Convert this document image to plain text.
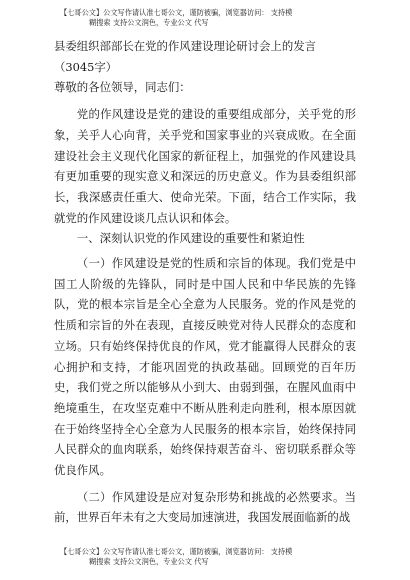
【七哥公文】公文写作请认准七哥公文，谨防被骗，浏览器访问： 支持模
糊搜索 支持公文润色，专业公文 代写

县委组织部部长在党的作风建设理论研讨会上的发言（3045字）

尊敬的各位领导，同志们：

党的作风建设是党的建设的重要组成部分，关乎党的形象，关乎人心向背，关乎党和国家事业的兴衰成败。在全面建设社会主义现代化国家的新征程上，加强党的作风建设具有更加重要的现实意义和深远的历史意义。作为县委组织部长，我深感责任重大、使命光荣。下面，结合工作实际，我就党的作风建设谈几点认识和体会。

一、深刻认识党的作风建设的重要性和紧迫性

（一）作风建设是党的性质和宗旨的体现。我们党是中国工人阶级的先锋队，同时是中国人民和中华民族的先锋队，党的根本宗旨是全心全意为人民服务。党的作风是党的性质和宗旨的外在表现，直接反映党对待人民群众的态度和立场。只有始终保持优良的作风，党才能赢得人民群众的衷心拥护和支持，才能巩固党的执政基础。回顾党的百年历史，我们党之所以能够从小到大、由弱到强，在腥风血雨中绝境重生，在攻坚克难中不断从胜利走向胜利，根本原因就在于始终坚持全心全意为人民服务的根本宗旨，始终保持同人民群众的血肉联系，始终保持艰苦奋斗、密切联系群众等优良作风。

（二）作风建设是应对复杂形势和挑战的必然要求。当前，世界百年未有之大变局加速演进，我国发展面临新的战

【七哥公文】公文写作请认准七哥公文，谨防被骗，浏览器访问： 支持模
糊搜索 支持公文润色，专业公文 代写
